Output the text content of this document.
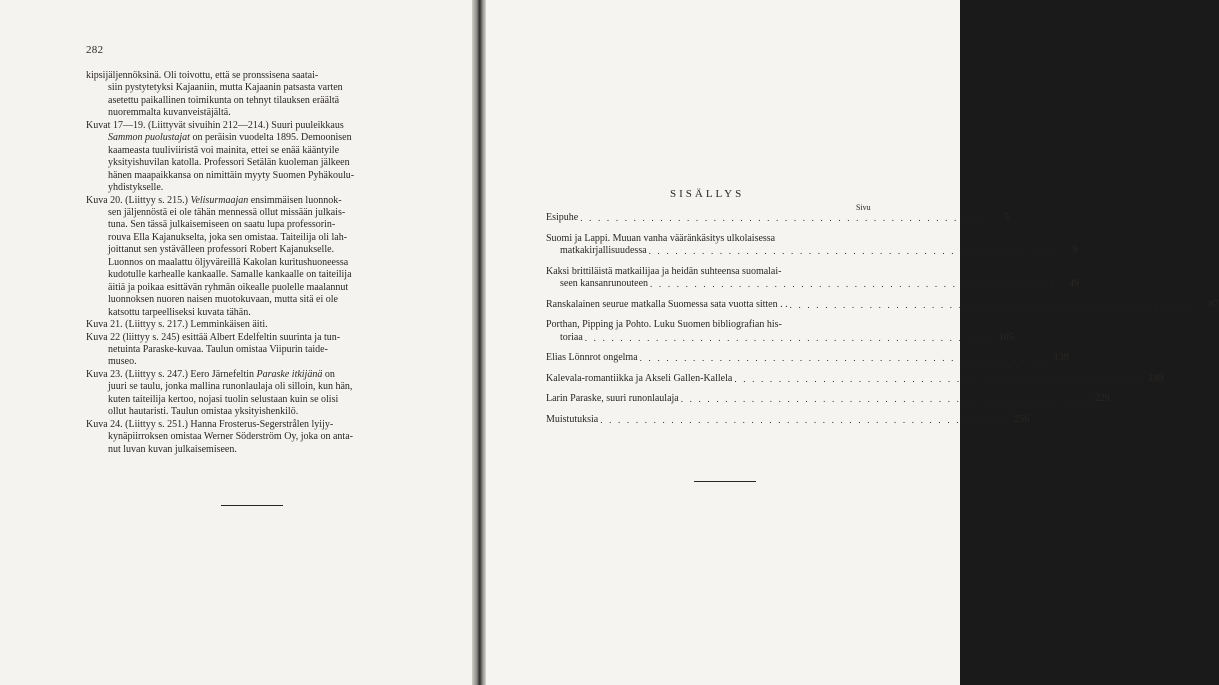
282
kipsijäljennöksinä. Oli toivottu, että se pronssisena saatai-
siin pystytetyksi Kajaaniin, mutta Kajaanin patsasta varten
asetettu paikallinen toimikunta on tehnyt tilauksen eräältä
nuoremmalta kuvanveistäjältä.
Kuvat 17—19. (Liittyvät sivuihin 212—214.) Suuri puuleikkaus
Sammon puolustajat on peräisin vuodelta 1895. Demoonisen
kaameasta tuuliviiristä voi mainita, ettei se enää kääntyile
yksityishuvilan katolla. Professori Setälän kuoleman jälkeen
hänen maapaikkansa on nimittäin myyty Suomen Pyhäkoulu-
yhdistykselle.
Kuva 20. (Liittyy s. 215.) Velisurmaajan ensimmäisen luonnok-
sen jäljennöstä ei ole tähän mennessä ollut missään julkais-
tuna. Sen tässä julkaisemiseen on saatu lupa professorin-
rouva Ella Kajanukselta, joka sen omistaa. Taiteilija oli lah-
joittanut sen ystävälleen professori Robert Kajanukselle.
Luonnos on maalattu öljyväreillä Kakolan kuritushuoneessa
kudotulle karhealle kankaalle. Samalle kankaalle on taiteilija
äitiä ja poikaa esittävän ryhmän oikealle puolelle maalannut
luonnoksen nuoren naisen muotokuvaan, mutta sitä ei ole
katsottu tarpeelliseksi kuvata tähän.
Kuva 21. (Liittyy s. 217.) Lemminkäisen äiti.
Kuva 22 (liittyy s. 245) esittää Albert Edelfeltin suurinta ja tun-
netuinta Paraske-kuvaa. Taulun omistaa Viipurin taide-
museo.
Kuva 23. (Liittyy s. 247.) Eero Järnefeltin Paraske itkijänä on
juuri se taulu, jonka mallina runonlaulaja oli silloin, kun hän,
kuten taiteilija kertoo, nojasi tuolin selustaan kuin se olisi
ollut hautaristi. Taulun omistaa yksityishenkilö.
Kuva 24. (Liittyy s. 251.) Hanna Frosterus-Segerstrålen lyijy-
kynäpiirroksen omistaa Werner Söderström Oy, joka on anta-
nut luvan kuvan julkaisemiseen.
SISÄLLYS
Sivu
Esipuhe . . . . . . . . . . . . . . . . . . . . . . . . . . . . . . . . . . . . . . . . . . . . . .	5
Suomi ja Lappi. Muuan vanha vääränkäsitys ulkolaisessa
matkakirjallisuudessa . . . . . . . . . . . . . . . . . . . . . . . . . . . . . . . . . . . . . . . . . . . . . .	9
Kaksi brittiläistä matkailijaa ja heidän suhteensa suomalai-
seen kansanrunouteen . . . . . . . . . . . . . . . . . . . . . . . . . . . . . . . . . . . . . . . . . . . . . .	49
Ranskalainen seurue matkalla Suomessa sata vuotta sitten . . . . . . . . . . . . . . . . . . . . . . . . . . . . . . . . . . . . . . . . . . . . . . . .	87
Porthan, Pipping ja Pohto. Luku Suomen bibliografian his-
toriaa . . . . . . . . . . . . . . . . . . . . . . . . . . . . . . . . . . . . . . . . . . . . . . 105
Elias Lönnrot ongelma . . . . . . . . . . . . . . . . . . . . . . . . . . . . . . . . . . . . . . . . . . . . . . 139
Kalevala-romantiikka ja Akseli Gallen-Kallela . . . . . . . . . . . . . . . . . . . . . . . . . . . . . . . . . . . . . . . . . . . . . . 189
Larin Paraske, suuri runonlaulaja . . . . . . . . . . . . . . . . . . . . . . . . . . . . . . . . . . . . . . . . . . . . . . 229
Muistutuksia . . . . . . . . . . . . . . . . . . . . . . . . . . . . . . . . . . . . . . . . . . . . . . 256
